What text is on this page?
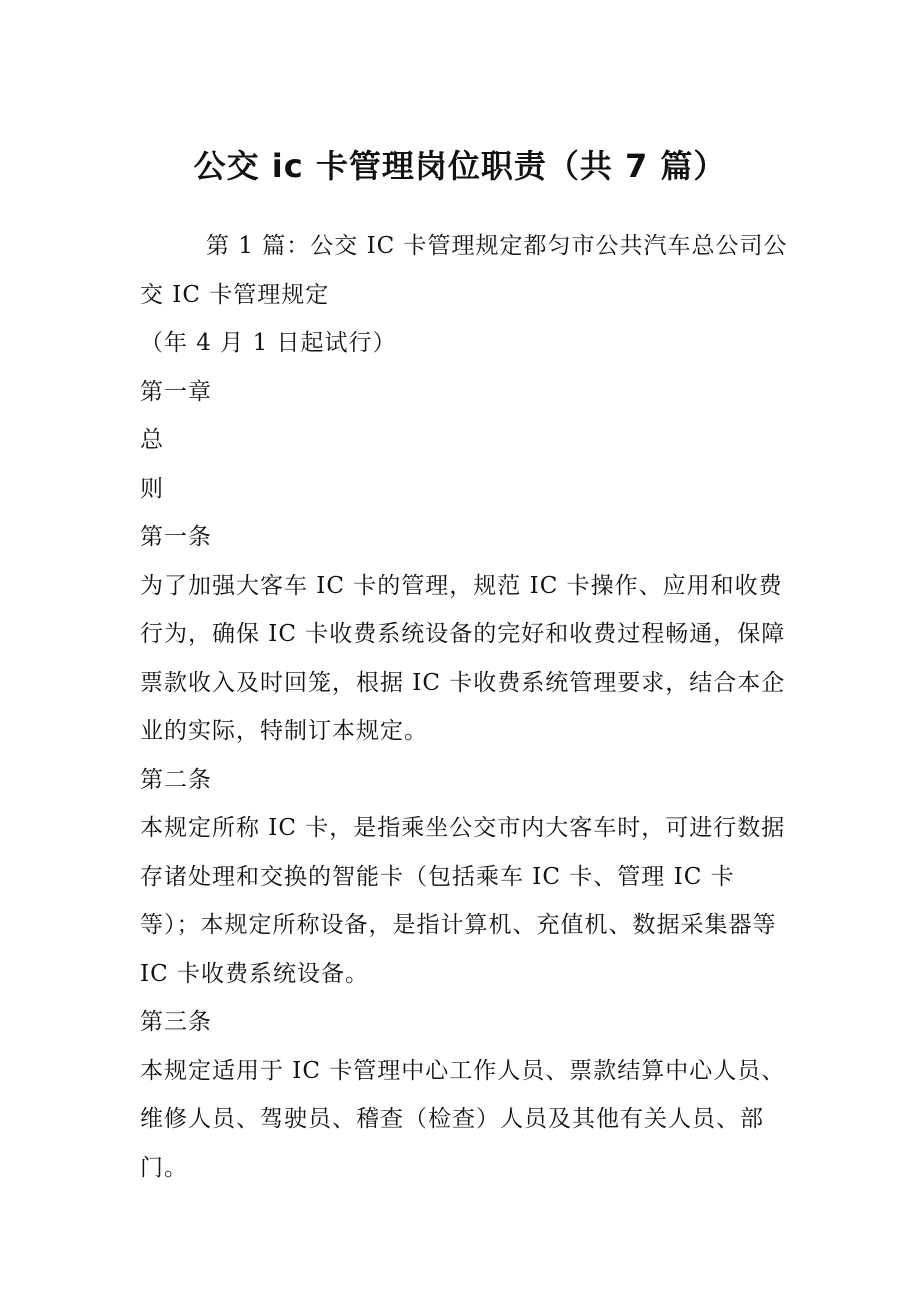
公交 ic 卡管理岗位职责（共 7 篇）

第 1 篇：公交 IC 卡管理规定都匀市公共汽车总公司公交 IC 卡管理规定

（年 4 月 1 日起试行）

第一章

总

则

第一条

为了加强大客车 IC 卡的管理，规范 IC 卡操作、应用和收费行为，确保 IC 卡收费系统设备的完好和收费过程畅通，保障票款收入及时回笼，根据 IC 卡收费系统管理要求，结合本企业的实际，特制订本规定。

第二条

本规定所称 IC 卡，是指乘坐公交市内大客车时，可进行数据存诸处理和交换的智能卡（包括乘车 IC 卡、管理 IC 卡等）；本规定所称设备，是指计算机、充值机、数据采集器等 IC 卡收费系统设备。

第三条

本规定适用于 IC 卡管理中心工作人员、票款结算中心人员、维修人员、驾驶员、稽查（检查）人员及其他有关人员、部门。
